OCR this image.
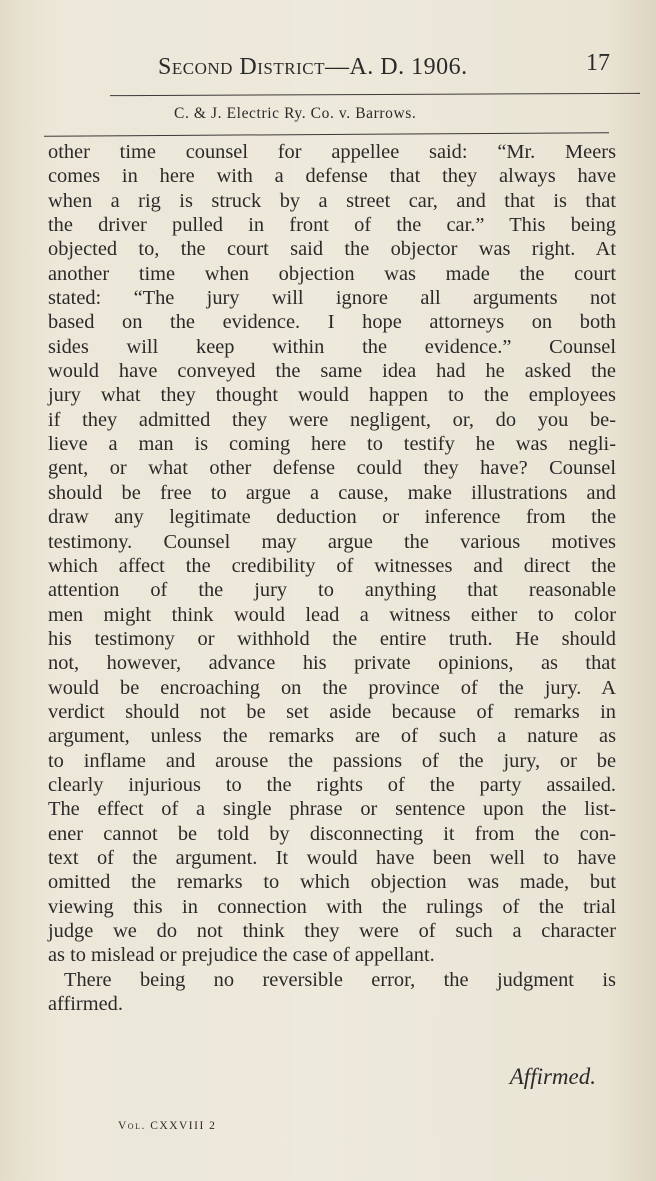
Second District—A. D. 1906.	17
C. & J. Electric Ry. Co. v. Barrows.
other time counsel for appellee said: “Mr. Meers
comes in here with a defense that they always have
when a rig is struck by a street car, and that is that
the driver pulled in front of the car.” This being
objected to, the court said the objector was right. At
another time when objection was made the court
stated: “The jury will ignore all arguments not
based on the evidence. I hope attorneys on both
sides will keep within the evidence.” Counsel
would have conveyed the same idea had he asked the
jury what they thought would happen to the employees
if they admitted they were negligent, or, do you be-
lieve a man is coming here to testify he was negli-
gent, or what other defense could they have? Counsel
should be free to argue a cause, make illustrations and
draw any legitimate deduction or inference from the
testimony. Counsel may argue the various motives
which affect the credibility of witnesses and direct the
attention of the jury to anything that reasonable
men might think would lead a witness either to color
his testimony or withhold the entire truth. He should
not, however, advance his private opinions, as that
would be encroaching on the province of the jury. A
verdict should not be set aside because of remarks in
argument, unless the remarks are of such a nature as
to inflame and arouse the passions of the jury, or be
clearly injurious to the rights of the party assailed.
The effect of a single phrase or sentence upon the list-
ener cannot be told by disconnecting it from the con-
text of the argument. It would have been well to have
omitted the remarks to which objection was made, but
viewing this in connection with the rulings of the trial
judge we do not think they were of such a character
as to mislead or prejudice the case of appellant.
There being no reversible error, the judgment is
affirmed.
Affirmed.
Vol. CXXVIII 2
